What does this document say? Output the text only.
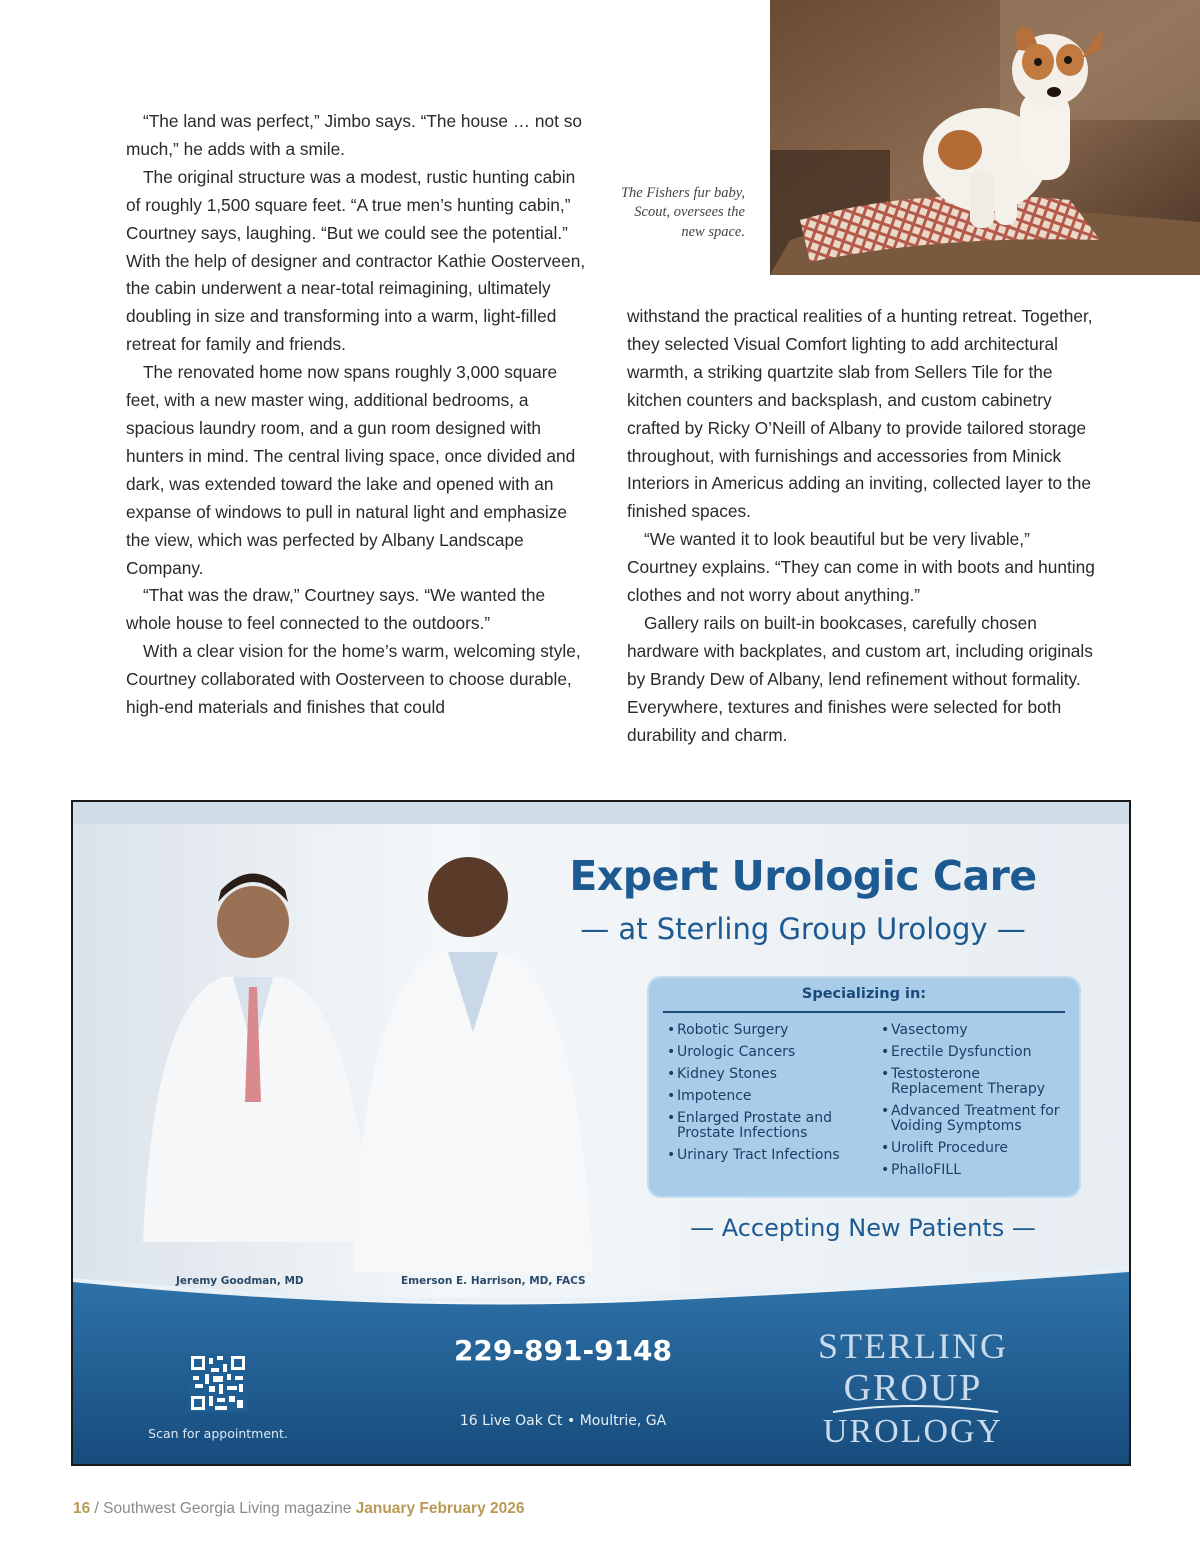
“The land was perfect,” Jimbo says. “The house … not so much,” he adds with a smile.

The original structure was a modest, rustic hunting cabin of roughly 1,500 square feet. “A true men’s hunting cabin,” Courtney says, laughing. “But we could see the potential.” With the help of designer and contractor Kathie Oosterveen, the cabin underwent a near-total reimagining, ultimately doubling in size and transforming into a warm, light-filled retreat for family and friends.

The renovated home now spans roughly 3,000 square feet, with a new master wing, additional bedrooms, a spacious laundry room, and a gun room designed with hunters in mind. The central living space, once divided and dark, was extended toward the lake and opened with an expanse of windows to pull in natural light and emphasize the view, which was perfected by Albany Landscape Company.

“That was the draw,” Courtney says. “We wanted the whole house to feel connected to the outdoors.”

With a clear vision for the home’s warm, welcoming style, Courtney collaborated with Oosterveen to choose durable, high-end materials and finishes that could

withstand the practical realities of a hunting retreat. Together, they selected Visual Comfort lighting to add architectural warmth, a striking quartzite slab from Sellers Tile for the kitchen counters and backsplash, and custom cabinetry crafted by Ricky O’Neill of Albany to provide tailored storage throughout, with furnishings and accessories from Minick Interiors in Americus adding an inviting, collected layer to the finished spaces.

“We wanted it to look beautiful but be very livable,” Courtney explains. “They can come in with boots and hunting clothes and not worry about anything.”

Gallery rails on built-in bookcases, carefully chosen hardware with backplates, and custom art, including originals by Brandy Dew of Albany, lend refinement without formality. Everywhere, textures and finishes were selected for both durability and charm.

The Fishers fur baby, Scout, oversees the new space.
Expert Urologic Care
— at Sterling Group Urology —
Specializing in:
• Robotic Surgery
• Urologic Cancers
• Kidney Stones
• Impotence
• Enlarged Prostate and Prostate Infections
• Urinary Tract Infections
• Vasectomy
• Erectile Dysfunction
• Testosterone Replacement Therapy
• Advanced Treatment for Voiding Symptoms
• Urolift Procedure
• PhalloFILL
— Accepting New Patients —
Jeremy Goodman, MD	Emerson E. Harrison, MD, FACS
Scan for appointment.
229-891-9148
16 Live Oak Ct • Moultrie, GA
STERLING
GROUP
UROLOGY
16 / Southwest Georgia Living magazine January February 2026
